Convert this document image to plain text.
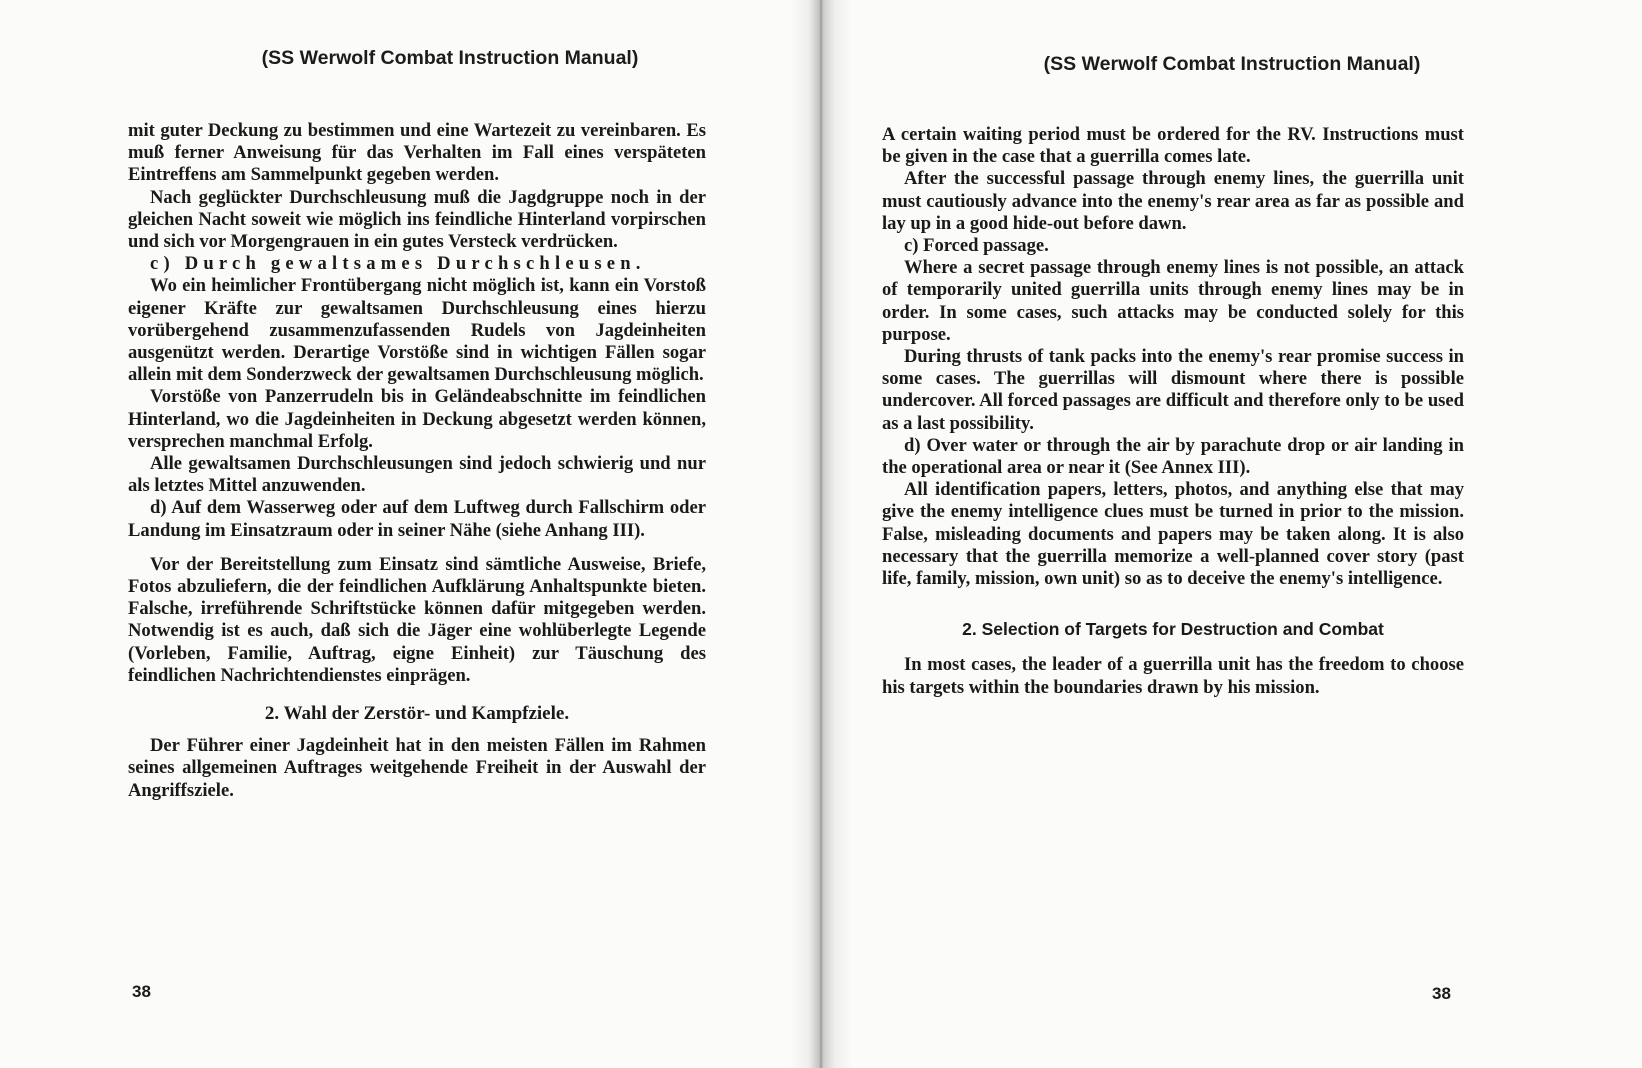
(SS Werwolf Combat Instruction Manual)

mit guter Deckung zu bestimmen und eine Wartezeit zu vereinbaren. Es muß ferner Anweisung für das Verhalten im Fall eines verspäteten Eintreffens am Sammelpunkt gegeben werden.

Nach geglückter Durchschleusung muß die Jagdgruppe noch in der gleichen Nacht soweit wie möglich ins feindliche Hinterland vorpirschen und sich vor Morgengrauen in ein gutes Versteck verdrücken.

c) Durch gewaltsames Durchschleusen.

Wo ein heimlicher Frontübergang nicht möglich ist, kann ein Vorstoß eigener Kräfte zur gewaltsamen Durchschleusung eines hierzu vorübergehend zusammenzufassenden Rudels von Jagdeinheiten ausgenützt werden. Derartige Vorstöße sind in wichtigen Fällen sogar allein mit dem Sonderzweck der gewaltsamen Durchschleusung möglich.

Vorstöße von Panzerrudeln bis in Geländeabschnitte im feindlichen Hinterland, wo die Jagdeinheiten in Deckung abgesetzt werden können, versprechen manchmal Erfolg.

Alle gewaltsamen Durchschleusungen sind jedoch schwierig und nur als letztes Mittel anzuwenden.

d) Auf dem Wasserweg oder auf dem Luftweg durch Fallschirm oder Landung im Einsatzraum oder in seiner Nähe (siehe Anhang III).

Vor der Bereitstellung zum Einsatz sind sämtliche Ausweise, Briefe, Fotos abzuliefern, die der feindlichen Aufklärung Anhaltspunkte bieten. Falsche, irreführende Schriftstücke können dafür mitgegeben werden. Notwendig ist es auch, daß sich die Jäger eine wohlüberlegte Legende (Vorleben, Familie, Auftrag, eigne Einheit) zur Täuschung des feindlichen Nachrichtendienstes einprägen.

2. Wahl der Zerstör- und Kampfziele.

Der Führer einer Jagdeinheit hat in den meisten Fällen im Rahmen seines allgemeinen Auftrages weitgehende Freiheit in der Auswahl der Angriffsziele.

38
(SS Werwolf Combat Instruction Manual)

A certain waiting period must be ordered for the RV. Instructions must be given in the case that a guerrilla comes late.

After the successful passage through enemy lines, the guerrilla unit must cautiously advance into the enemy's rear area as far as possible and lay up in a good hide-out before dawn.

c) Forced passage.

Where a secret passage through enemy lines is not possible, an attack of temporarily united guerrilla units through enemy lines may be in order. In some cases, such attacks may be conducted solely for this purpose.

During thrusts of tank packs into the enemy's rear promise success in some cases. The guerrillas will dismount where there is possible undercover. All forced passages are difficult and therefore only to be used as a last possibility.

d) Over water or through the air by parachute drop or air landing in the operational area or near it (See Annex III).

All identification papers, letters, photos, and anything else that may give the enemy intelligence clues must be turned in prior to the mission. False, misleading documents and papers may be taken along. It is also necessary that the guerrilla memorize a well-planned cover story (past life, family, mission, own unit) so as to deceive the enemy's intelligence.

2. Selection of Targets for Destruction and Combat

In most cases, the leader of a guerrilla unit has the freedom to choose his targets within the boundaries drawn by his mission.

38
